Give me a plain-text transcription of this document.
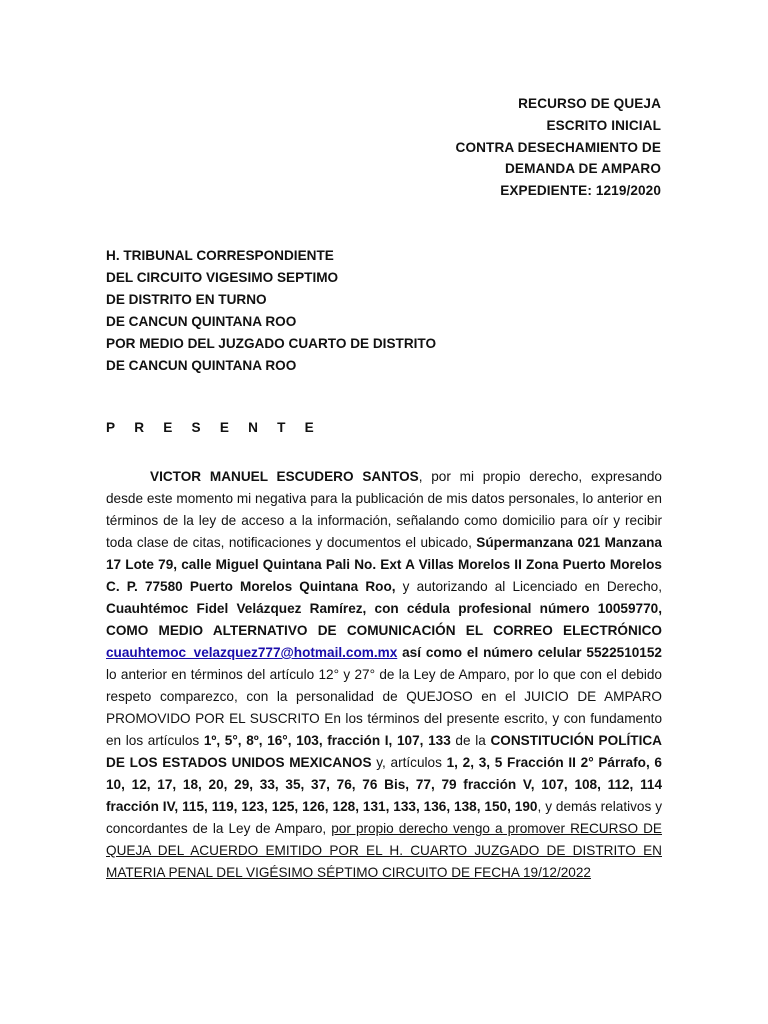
RECURSO DE QUEJA
ESCRITO INICIAL
CONTRA DESECHAMIENTO DE
DEMANDA DE AMPARO
EXPEDIENTE: 1219/2020
H. TRIBUNAL CORRESPONDIENTE
DEL CIRCUITO VIGESIMO SEPTIMO
DE DISTRITO EN TURNO
DE CANCUN QUINTANA ROO
POR MEDIO DEL JUZGADO CUARTO DE DISTRITO
DE CANCUN QUINTANA ROO
PRESENTE

VICTOR MANUEL ESCUDERO SANTOS, por mi propio derecho, expresando desde este momento mi negativa para la publicación de mis datos personales, lo anterior en términos de la ley de acceso a la información, señalando como domicilio para oír y recibir toda clase de citas, notificaciones y documentos el ubicado, Súpermanzana 021 Manzana 17 Lote 79, calle Miguel Quintana Pali No. Ext A Villas Morelos II Zona Puerto Morelos C. P. 77580 Puerto Morelos Quintana Roo, y autorizando al Licenciado en Derecho, Cuauhtémoc Fidel Velázquez Ramírez, con cédula profesional número 10059770, COMO MEDIO ALTERNATIVO DE COMUNICACIÓN EL CORREO ELECTRÓNICO cuauhtemoc_velazquez777@hotmail.com.mx así como el número celular 5522510152 lo anterior en términos del artículo 12° y 27° de la Ley de Amparo, por lo que con el debido respeto comparezco, con la personalidad de QUEJOSO en el JUICIO DE AMPARO PROMOVIDO POR EL SUSCRITO En los términos del presente escrito, y con fundamento en los artículos 1º, 5°, 8º, 16°, 103, fracción I, 107, 133 de la CONSTITUCIÓN POLÍTICA DE LOS ESTADOS UNIDOS MEXICANOS y, artículos 1, 2, 3, 5 Fracción II 2° Párrafo, 6 10, 12, 17, 18, 20, 29, 33, 35, 37, 76, 76 Bis, 77, 79 fracción V, 107, 108, 112, 114 fracción IV, 115, 119, 123, 125, 126, 128, 131, 133, 136, 138, 150, 190, y demás relativos y concordantes de la Ley de Amparo, por propio derecho vengo a promover RECURSO DE QUEJA DEL ACUERDO EMITIDO POR EL H. CUARTO JUZGADO DE DISTRITO EN MATERIA PENAL DEL VIGÉSIMO SÉPTIMO CIRCUITO DE FECHA 19/12/2022
